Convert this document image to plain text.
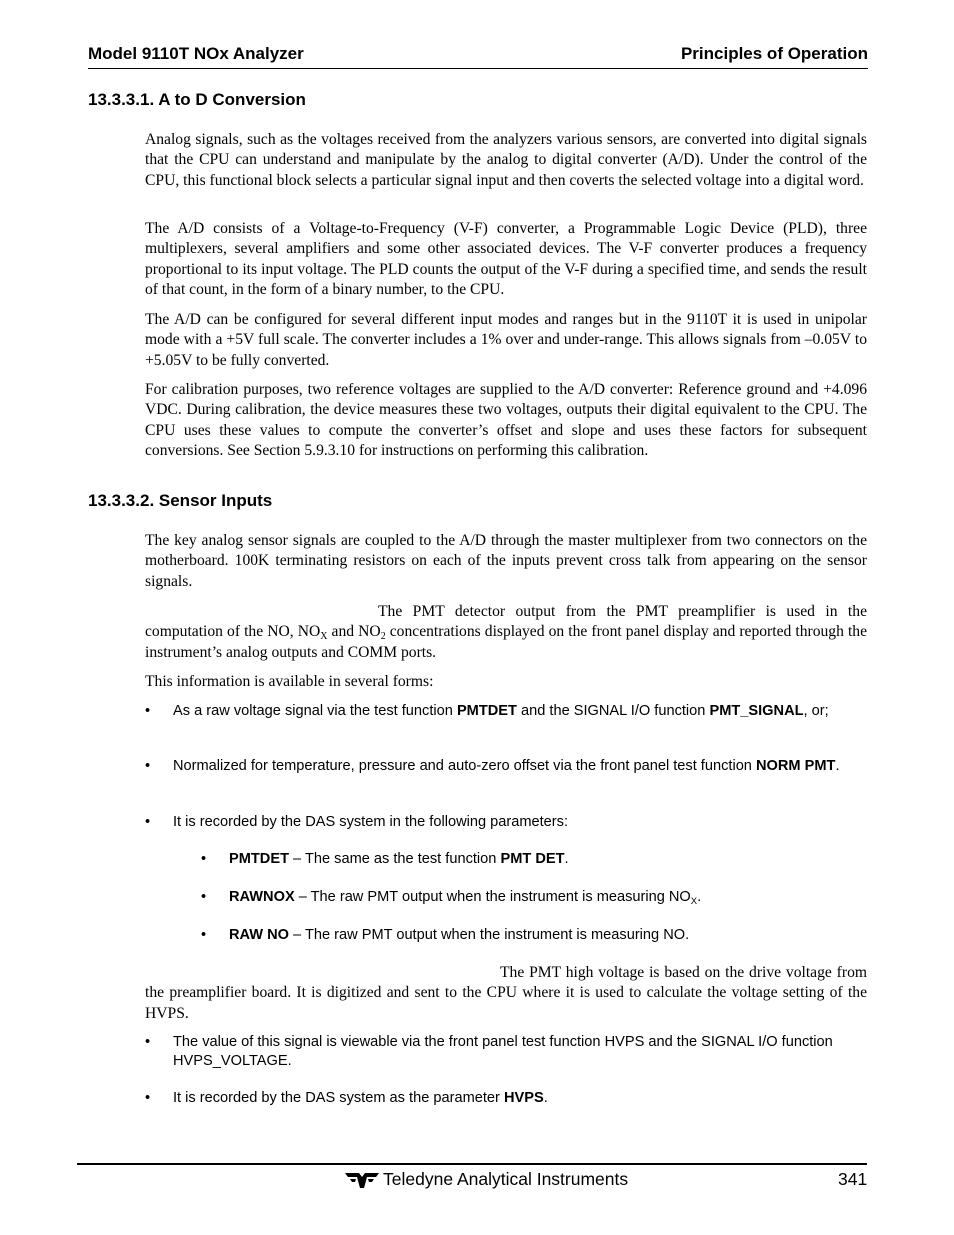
Model 9110T NOx Analyzer	Principles of Operation
13.3.3.1. A to D Conversion
Analog signals, such as the voltages received from the analyzers various sensors, are converted into digital signals that the CPU can understand and manipulate by the analog to digital converter (A/D). Under the control of the CPU, this functional block selects a particular signal input and then coverts the selected voltage into a digital word.
The A/D consists of a Voltage-to-Frequency (V-F) converter, a Programmable Logic Device (PLD), three multiplexers, several amplifiers and some other associated devices. The V-F converter produces a frequency proportional to its input voltage. The PLD counts the output of the V-F during a specified time, and sends the result of that count, in the form of a binary number, to the CPU.
The A/D can be configured for several different input modes and ranges but in the 9110T it is used in unipolar mode with a +5V full scale. The converter includes a 1% over and under-range. This allows signals from –0.05V to +5.05V to be fully converted.
For calibration purposes, two reference voltages are supplied to the A/D converter: Reference ground and +4.096 VDC. During calibration, the device measures these two voltages, outputs their digital equivalent to the CPU. The CPU uses these values to compute the converter’s offset and slope and uses these factors for subsequent conversions. See Section 5.9.3.10 for instructions on performing this calibration.
13.3.3.2. Sensor Inputs
The key analog sensor signals are coupled to the A/D through the master multiplexer from two connectors on the motherboard. 100K terminating resistors on each of the inputs prevent cross talk from appearing on the sensor signals.
The PMT detector output from the PMT preamplifier is used in the computation of the NO, $NO_X$ and $NO_2$ concentrations displayed on the front panel display and reported through the instrument’s analog outputs and COMM ports.
This information is available in several forms:
• As a raw voltage signal via the test function PMTDET and the SIGNAL I/O function PMT_SIGNAL, or;
• Normalized for temperature, pressure and auto-zero offset via the front panel test function NORM PMT.
• It is recorded by the DAS system in the following parameters:
• PMTDET – The same as the test function PMT DET.
• RAWNOX – The raw PMT output when the instrument is measuring $NO_X$.
• RAW NO – The raw PMT output when the instrument is measuring NO.
The PMT high voltage is based on the drive voltage from the preamplifier board. It is digitized and sent to the CPU where it is used to calculate the voltage setting of the HVPS.
• The value of this signal is viewable via the front panel test function HVPS and the SIGNAL I/O function HVPS_VOLTAGE.
• It is recorded by the DAS system as the parameter HVPS.
Teledyne Analytical Instruments	341
